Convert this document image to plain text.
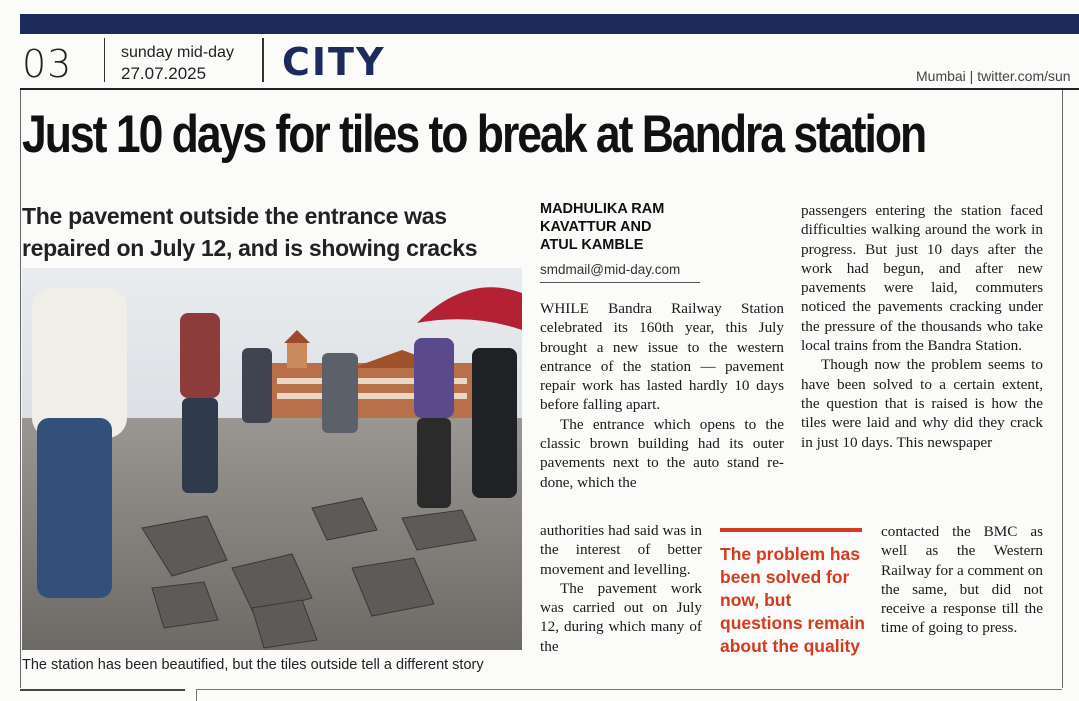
03	sunday mid-day
27.07.2025 CITY	Mumbai | twitter.com/sun
Just 10 days for tiles to break at Bandra station
The pavement outside the entrance was repaired on July 12, and is showing cracks
The station has been beautified, but the tiles outside tell a different story
MADHULIKA RAM
KAVATTUR AND
ATUL KAMBLE
smdmail@mid-day.com

WHILE Bandra Railway Station celebrated its 160th year, this July brought a new issue to the western entrance of the station — pavement repair work has lasted hardly 10 days before falling apart.

The entrance which opens to the classic brown building had its outer pavements next to the auto stand re-done, which the

authorities had said was in the interest of better movement and levelling.

The pavement work was carried out on July 12, during which many of the

The problem has been solved for now, but questions remain about the quality

passengers entering the station faced difficulties walking around the work in progress. But just 10 days after the work had begun, and after new pavements were laid, commuters noticed the pavements cracking under the pressure of the thousands who take local trains from the Bandra Station.

Though now the problem seems to have been solved to a certain extent, the question that is raised is how the tiles were laid and why did they crack in just 10 days. This newspaper

contacted the BMC as well as the Western Railway for a comment on the same, but did not receive a response till the time of going to press.
